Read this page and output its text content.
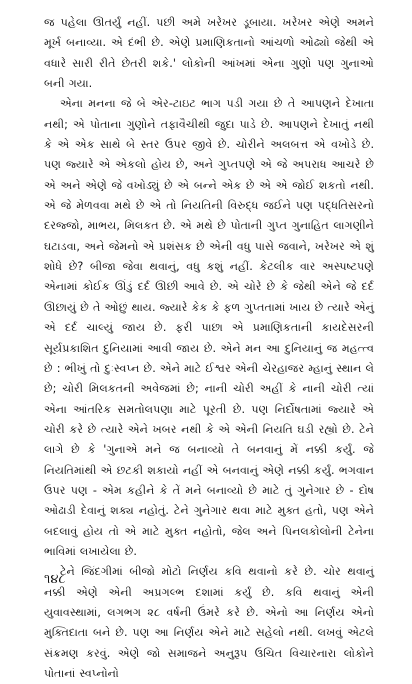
જ પહેલા ઊતર્યું નહીં. પછી અમે ખરેખર ડૂબાયા. ખરેખર એણે અમને મૂર્ખ બનાવ્યા. એ દંભી છે. એણે પ્રમાણિકતાનો આંચળો ઓઢ્યો જેથી એ વધારે સારી રીતે છેતરી શકે.' લોકોની આંખમાં એના ગુણો પણ ગુનાઓ બની ગયા.

એના મનના જે બે એર-ટાઇટ ભાગ પડી ગયા છે તે આપણને દેખાતા નથી; એ પોતાના ગુણોને તફાવૈચીથી જુદા પાડે છે. આપણને દેખાતું નથી કે એ એક સાથે બે સ્તર ઉપર જીવે છે. ચોરીને અલબત્ત એ વખોડે છે. પણ જ્યારે એ એકલો હોય છે, અને ગુપ્તપણે એ જે અપરાધ આચરે છે એ અને એણે જે વખોડ્યું છે એ બન્ને એક છે એ એ જોઈ શકતો નથી. એ જે મેળવવા મથે છે એ તો નિયતિની વિરુદ્ધ જઈને પણ પદ્ધતિસરનો દરજ્જો, માભય, મિલકત છે. એ મથે છે પોતાની ગુપ્ત ગુનાહિત લાગણીને ઘટાડવા, અને જેમનો એ પ્રશંસક છે એની વધુ પાસે જવાને, ખરેખર એ શું શોધે છે? બીજા જેવા થવાનું, વધુ કશું નહીં. કેટલીક વાર અસ્પષ્ટપણે એનામાં કોઈક ઊંડું દર્દ ઊછી આવે છે. એ ચોરે છે કે જેથી એને જે દર્દ ઊછાયું છે તે ઓછું થાય. જ્યારે કેક કે ફળ ગુપ્તતામાં ખાય છે ત્યારે એનું એ દર્દ ચાલ્યું જાય છે. ફરી પાછા એ પ્રમાણિકતાની કાયદેસરની સૂર્યપ્રકાશિત દુનિયામાં આવી જાય છે. એને મન આ દુનિયાનું જ મહત્ત્વ છે : ભીખું તો દુઃસ્વપ્ન છે. એને માટે ઈશ્વર એની ચેરહાજર મ્હાનું સ્થાન લે છે; ચોરી મિલકતની અવેજમાં છે; નાની ચોરી અહીં કે નાની ચોરી ત્યાં એના આંતરિક સમતોલપણા માટે પૂરતી છે. પણ નિર્દોષતામાં જ્યારે એ ચોરી કરે છે ત્યારે એને ખબર નથી કે એ એની નિયતિ ઘડી રહ્યો છે. ટેને લાગે છે કે 'ગુનાએ મને જ બનાવ્યો તે બનવાનું મેં નક્કી કર્યું. જે નિયતિમાંથી એ છટકી શકાયો નહીં એ બનવાનું એણે નક્કી કર્યું. ભગવાન ઉપર પણ - એમ કહીને કે તેં મને બનાવ્યો છે માટે તું ગુનેગાર છે - દોષ ઓઢાડી દેવાનું શક્ય નહોતું. ટેને ગુનેગાર થવા માટે મુક્ત હતો, પણ એને બદલાવું હોય તો એ માટે મુક્ત નહોતો, જેલ અને પિનલકોલોની ટેનેના ભાવિમાં લખાયેલા છે.

ટેને જિંદગીમાં બીજો મોટો નિર્ણય કવિ થવાનો કરે છે. ચોર થવાનું નક્કી એણે એની અપ્રગલ્ભ દશામાં કર્યું છે. કવિ થવાનું એની યુવાવસ્થામાં, લગભગ ૨૮ વર્ષની ઉંમરે કરે છે. એનો આ નિર્ણય એનો મુક્તિદાતા બને છે. પણ આ નિર્ણય એને માટે સહેલો નથી. લખવું એટલે સંક્રમણ કરવું. એણે જો સમાજને અનુરૂપ ઉચિત વિચારનારા લોકોને પોતાનાં સ્વપ્નોનો

૧૪૮
